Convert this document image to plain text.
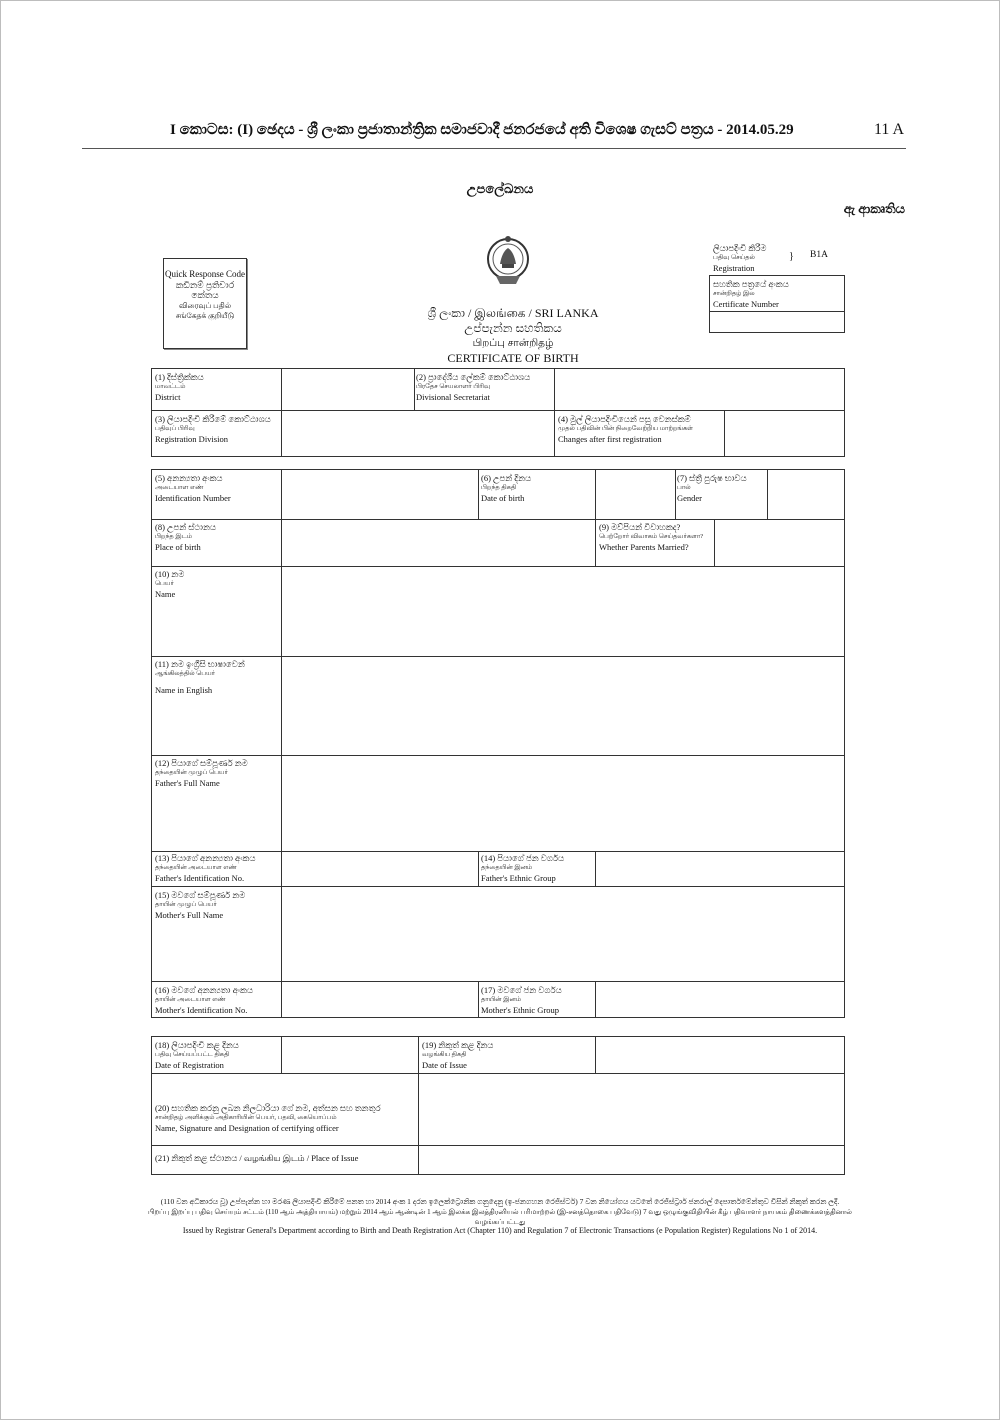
I කොටස: (I) ඡෙදය - ශ්‍රී ලංකා ප්‍රජාතාන්ත්‍රික සමාජවාදී ජනරජයේ අති විශෙෂ ගැසට් පත්‍රය - 2014.05.29	11 A
උපලේඛනය
ඇ ආකෘතිය
Quick Response Code
කඩිනම් ප්‍රතිචාර කේතය
விரைவுப் பதில் சங்கேதக் குறியீடு	ශ්‍රී ලංකා / இலங்கை / SRI LANKA
උප්පැන්න සහතිකය
பிறப்பு சான்றிதழ்
CERTIFICATE OF BIRTH
ලියාපදිංචි කිරීම
பதிவு செய்தல்
Registration
} B1A
සහතික පත්‍රයේ අංකය
சான்றிதழ் இல
Certificate Number
(1) දිස්ත්‍රික්කය
மாவட்டம்
District
(2) ප්‍රාදේශීය ලේකම් කොට්ඨාශය
பிரதேச செயலாளர் பிரிவு
Divisional Secretariat
(3) ලියාපදිංචි කිරීමේ කොට්ඨාශය
பதிவுப் பிரிவு
Registration Division
(4) මුල් ලියාපදිංචියෙන් පසු වෙනස්කම්
முதல் பதிவின் பின் நிறைவேற்றிய மாற்றங்கள்
Changes after first registration
(5) අනන්‍යතා අංකය
அடையாள எண்
Identification Number
(6) උපන් දිනය
பிறந்த திகதி
Date of birth
(7) ස්ත්‍රී පුරුෂ භාවය
பால்
Gender
(8) උපන් ස්ථානය
பிறந்த இடம்
Place of birth
(9) මව්පියන් විවාහකද?
பெற்றோர் விவாகம் செய்தவர்களா?
Whether Parents Married?
(10) නම
பெயர்
Name
(11) නම ඉංග්‍රීසි භාෂාවෙන්
ஆங்கிலத்தில் பெயர்
Name in English
(12) පියාගේ සම්පූර්ණ නම
தந்தையின் முழுப் பெயர்
Father's Full Name
(13) පියාගේ අනන්‍යතා අංකය
தந்தையின் அடையாள எண்
Father's Identification No.
(14) පියාගේ ජන වර්ගය
தந்தையின் இனம்
Father's Ethnic Group
(15) මවගේ සම්පූර්ණ නම
தாயின் முழுப் பெயர்
Mother's Full Name
(16) මවගේ අනන්‍යතා අංකය
தாயின் அடையாள எண்
Mother's Identification No.
(17) මවගේ ජන වර්ගය
தாயின் இனம்
Mother's Ethnic Group
(18) ලියාපදිංචි කළ දිනය
பதிவு செய்யப்பட்ட திகதி
Date of Registration
(19) නිකුත් කළ දිනය
வழங்கிய திகதி
Date of Issue
(20) සහතික කරනු ලබන නිලධාරියා ගේ නම, අත්සන සහ තනතුර
சான்றிதழ் அளிக்கும் அதிகாரியின் பெயர், பதவி, கையொப்பம்
Name, Signature and Designation of certifying officer
(21) නිකුත් කළ ස්ථානය / வழங்கிய இடம் / Place of Issue
(110 වන අධිකාරය වූ) උප්පැන්න හා මරණ ලියාපදිංචි කිරීමේ පනත හා 2014 අංක 1 දරන ඉලෙක්ට්‍රොනික ගනුදෙනු (ඉ-ජනගහන රෙජිස්ටර්) 7 වන නියෝගය යටතේ රෙජිස්ට්‍රාර් ජනරාල් දෙපාර්තමේන්තුව විසින් නිකුත් කරන ලදී.
பிறப்பு இறப்பு பதிவு செய்யும் சட்டம் (110 ஆம் அத்தியாயம்) மற்றும் 2014 ஆம் ஆண்டின் 1 ஆம் இலக்க இலத்திரனியல் பரிமாற்றல் (இ-சனத்தொகை பதிவேடு) 7 வது ஒழுங்குவிதியின் கீழ் பதிவாளர் நாயகம் திணைக்களத்தினால் வழங்கப்பட்டது
Issued by Registrar General's Department according to Birth and Death Registration Act (Chapter 110) and Regulation 7 of Electronic Transactions (e Population Register) Regulations No 1 of 2014.
